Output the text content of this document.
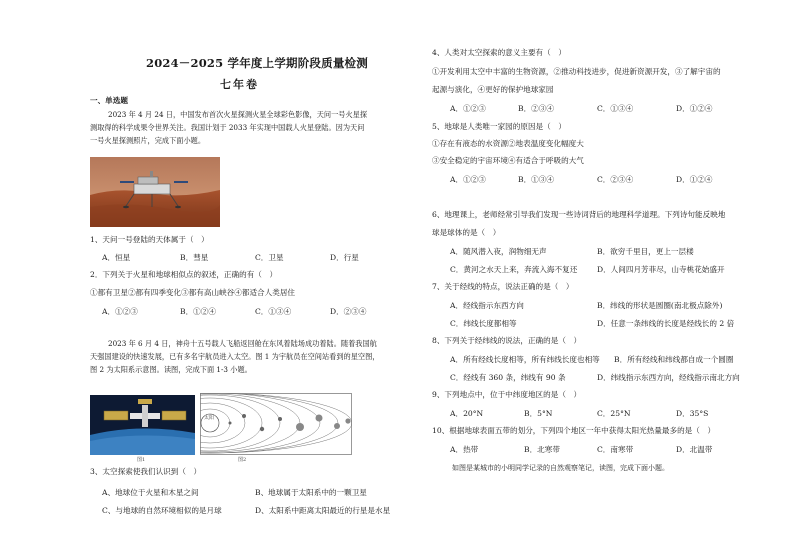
2024－2025 学年度上学期阶段质量检测
七年卷
一、单选题
2023 年 4 月 24 日，中国发布首次火星探测火星全球彩色影像，天问一号火星探
测取得的科学成果令世界关注。我国计划于 2033 年实现中国载人火星登陆。因为天问
一号火星探测照片，完成下面小题。
1、天问一号登陆的天体属于（　）
A．恒星	B．彗星	C．卫星	D．行星
2．下列关于火星和地球相似点的叙述，正确的有（　）
①都有卫星②都有四季变化③都有高山峡谷④都适合人类居住
A．①②③	B．①②④	C．①③④	D．②③④
2023 年 6 月 4 日，神舟十五号载人飞船返回舱在东风着陆场成功着陆。随着我国航
天强国建设的快速发展，已有多名宇航员进入太空。图 1 为宇航员在空间站看到的星空图，
图 2 为太阳系示意图。读图，完成下面 1-3 小题。
图1
太阳
图2
3、太空探索使我们认识到（　）
A、地球位于火星和木星之间	B、地球属于太阳系中的一颗卫星
C、与地球的自然环境相似的是月球	D、太阳系中距离太阳最近的行星是水星
4、人类对太空探索的意义主要有（　）
①开发利用太空中丰富的生物资源，②推动科技进步，促进新资源开发，③了解宇宙的
起源与演化，④更好的保护地球家园
A．①②③	B．②③④	C．①③④	D．①②④
5、地球是人类唯一家园的原因是（　）
①存在有液态的水资源②地表温度变化幅度大
③安全稳定的宇宙环境④有适合于呼吸的大气
A．①②③	B．①③④	C．②③④	D．①②④
6、地理课上，老师经常引导我们发现一些诗词背后的地理科学道理。下列诗句能反映地
球是球体的是（　）
A．随风潜入夜，润物细无声	B．欲穷千里目，更上一层楼
C．黄河之水天上来，奔流入海不复还	D．人间四月芳菲尽，山寺桃花始盛开
7、关于经线的特点，说法正确的是（　）
A．经线指示东西方向	B．纬线的形状是圆圈(南北极点除外)
C．纬线长度都相等	D．任意一条纬线的长度是经线长的 2 倍
8、下列关于经纬线的说法，正确的是（　）
A．所有经线长度相等，所有纬线长度也相等 B．所有经线和纬线都自成一个圆圈
C．经线有 360 条，纬线有 90 条	D．纬线指示东西方向，经线指示南北方向
9、下列地点中，位于中纬度地区的是（　）
A．20°N	B．5°N	C．25°N	D．35°S
10、根据地球表面五带的划分，下列四个地区一年中获得太阳光热量最多的是（　）
A．热带	B．北寒带	C．南寒带	D．北温带
如图是某城市的小明同学记录的自然观察笔记，读图，完成下面小题。
